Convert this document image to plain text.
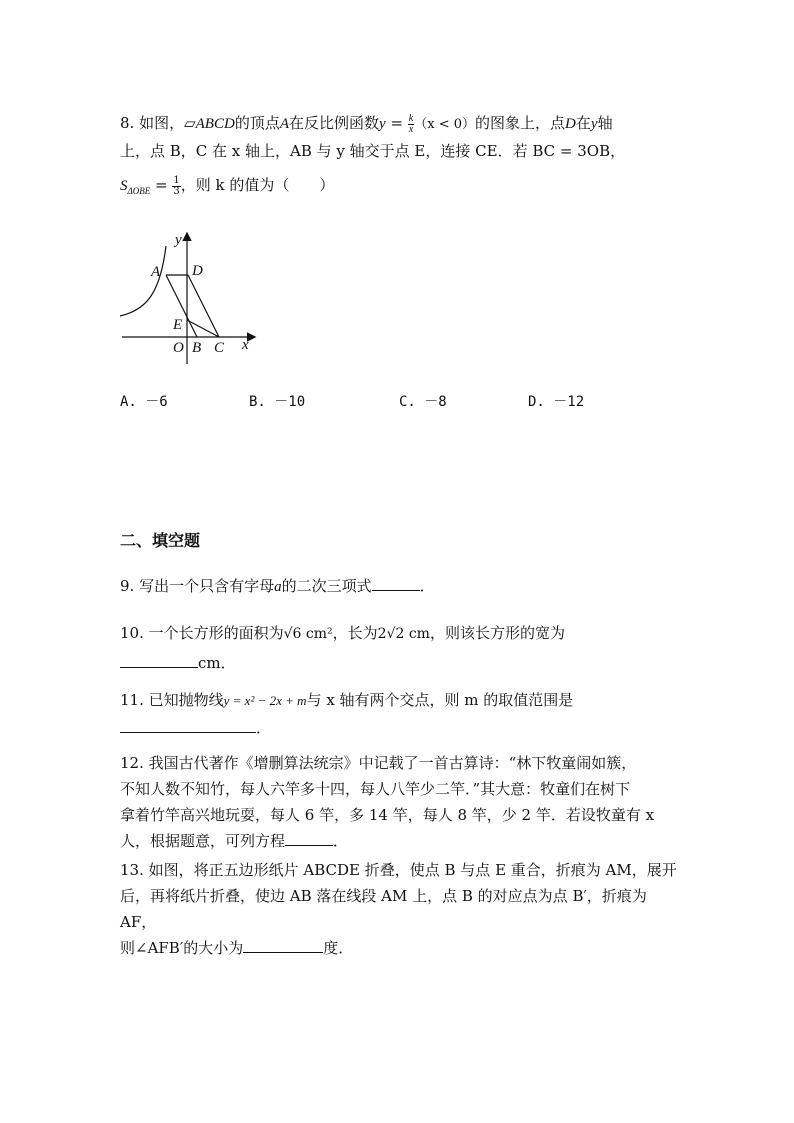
8. 如图，▱ABCD的顶点A在反比例函数$y = \frac{k}{x} (x < 0)$的图象上，点D在y轴
上，点 B，C 在 x 轴上，AB 与 y 轴交于点 E，连接 CE．若 BC = 3OB，
$S_{\Delta OBE} = \frac{1}{3}$ ，则 k 的值为（　　）
y
A D
E
O B C x
A. －6	B. －10	C. －8	D. －12
二、填空题
9. 写出一个只含有字母a的二次三项式	．
10. 一个长方形的面积为√6 cm²，长为2√2 cm，则该长方形的宽为
cm．
11. 已知抛物线y = x² − 2x + m与 x 轴有两个交点，则 m 的取值范围是
．
12. 我国古代著作《增删算法统宗》中记载了一首古算诗：“林下牧童闹如簇，
不知人数不知竹，每人六竿多十四，每人八竿少二竿．”其大意：牧童们在树下
拿着竹竿高兴地玩耍，每人 6 竿，多 14 竿，每人 8 竿，少 2 竿．若设牧童有 x
人，根据题意，可列方程	．
13. 如图，将正五边形纸片 ABCDE 折叠，使点 B 与点 E 重合，折痕为 AM，展开
后，再将纸片折叠，使边 AB 落在线段 AM 上，点 B 的对应点为点 B′，折痕为 AF，
则∠AFB′的大小为	度．
